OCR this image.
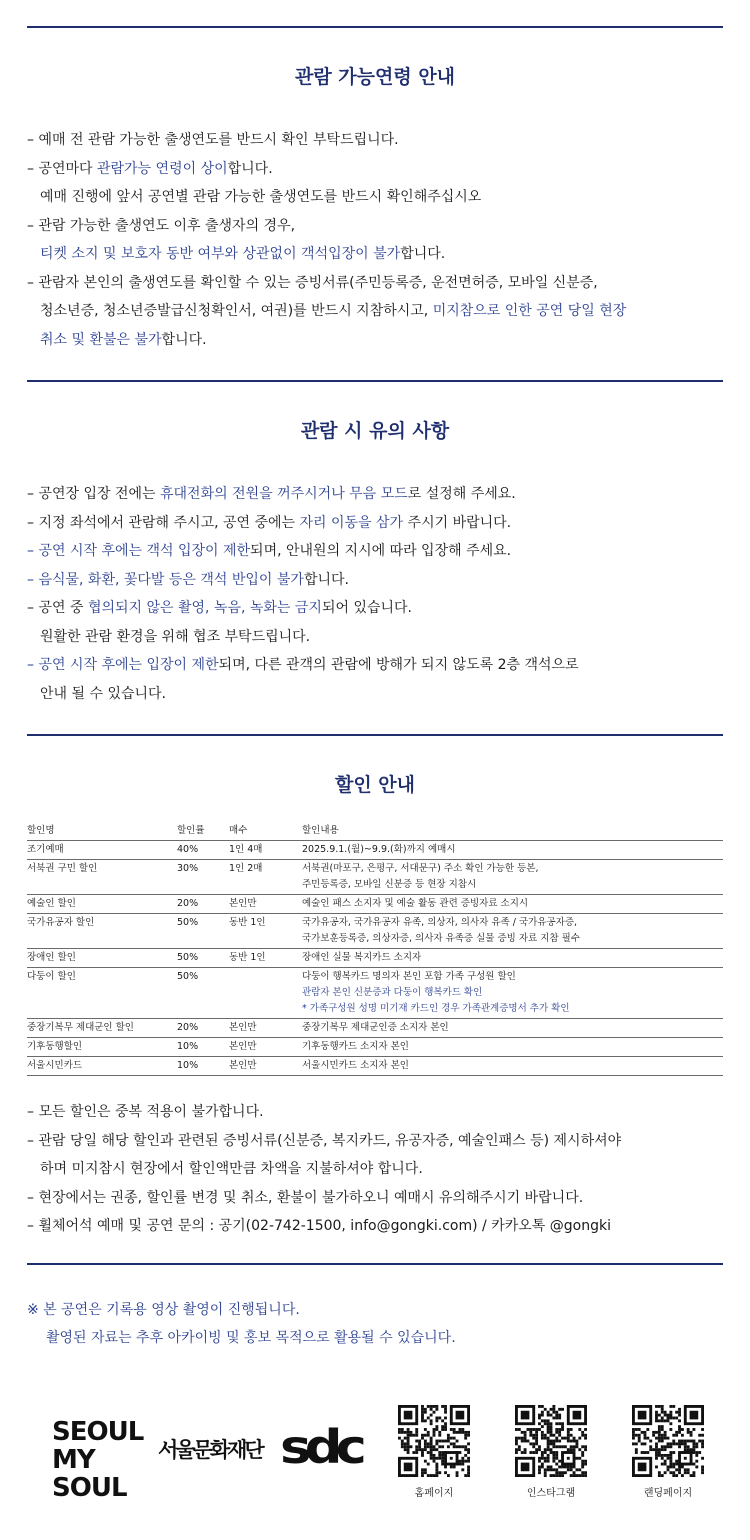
관람 가능연령 안내
– 예매 전 관람 가능한 출생연도를 반드시 확인 부탁드립니다.
– 공연마다 관람가능 연령이 상이합니다.
예매 진행에 앞서 공연별 관람 가능한 출생연도를 반드시 확인해주십시오
– 관람 가능한 출생연도 이후 출생자의 경우,
티켓 소지 및 보호자 동반 여부와 상관없이 객석입장이 불가합니다.
– 관람자 본인의 출생연도를 확인할 수 있는 증빙서류(주민등록증, 운전면허증, 모바일 신분증,
청소년증, 청소년증발급신청확인서, 여권)를 반드시 지참하시고, 미지참으로 인한 공연 당일 현장
취소 및 환불은 불가합니다.
관람 시 유의 사항
– 공연장 입장 전에는 휴대전화의 전원을 꺼주시거나 무음 모드로 설정해 주세요.
– 지정 좌석에서 관람해 주시고, 공연 중에는 자리 이동을 삼가 주시기 바랍니다.
– 공연 시작 후에는 객석 입장이 제한되며, 안내원의 지시에 따라 입장해 주세요.
– 음식물, 화환, 꽃다발 등은 객석 반입이 불가합니다.
– 공연 중 협의되지 않은 촬영, 녹음, 녹화는 금지되어 있습니다.
원활한 관람 환경을 위해 협조 부탁드립니다.
– 공연 시작 후에는 입장이 제한되며, 다른 관객의 관람에 방해가 되지 않도록 2층 객석으로
안내 될 수 있습니다.
할인 안내
할인명	할인률	매수	할인내용
조기예매	40%	1인 4매	2025.9.1.(월)~9.9.(화)까지 예매시

서북권 구민 할인	30%	1인 2매	서북권(마포구, 은평구, 서대문구) 주소 확인 가능한 등본,
주민등록증, 모바일 신분증 등 현장 지참시

예술인 할인	20%	본인만	예술인 패스 소지자 및 예술 활동 관련 증빙자료 소지시

국가유공자 할인	50%	동반 1인	국가유공자, 국가유공자 유족, 의상자, 의사자 유족 / 국가유공자증,
국가보훈등록증, 의상자증, 의사자 유족증 실물 증빙 자료 지참 필수

장애인 할인	50%	동반 1인	장애인 실물 복지카드 소지자

다둥이 할인	50%		다둥이 행복카드 명의자 본인 포함 가족 구성원 할인
관람자 본인 신분증과 다둥이 행복카드 확인
* 가족구성원 성명 미기재 카드인 경우 가족관계증명서 추가 확인

중장기복무 제대군인 할인	20%	본인만	중장기복무 제대군인증 소지자 본인

기후동행할인	10%	본인만	기후동행카드 소지자 본인

서울시민카드	10%	본인만	서울시민카드 소지자 본인
– 모든 할인은 중복 적용이 불가합니다.
– 관람 당일 해당 할인과 관련된 증빙서류(신분증, 복지카드, 유공자증, 예술인패스 등) 제시하셔야
하며 미지참시 현장에서 할인액만큼 차액을 지불하셔야 합니다.
– 현장에서는 권종, 할인률 변경 및 취소, 환불이 불가하오니 예매시 유의해주시기 바랍니다.
– 휠체어석 예매 및 공연 문의 : 공기(02-742-1500, info@gongki.com) / 카카오톡 @gongki
※ 본 공연은 기록용 영상 촬영이 진행됩니다.
촬영된 자료는 추후 아카이빙 및 홍보 목적으로 활용될 수 있습니다.
SEOUL
MY SOUL
서울문화재단 sdc
홈페이지	인스타그램	랜딩페이지
